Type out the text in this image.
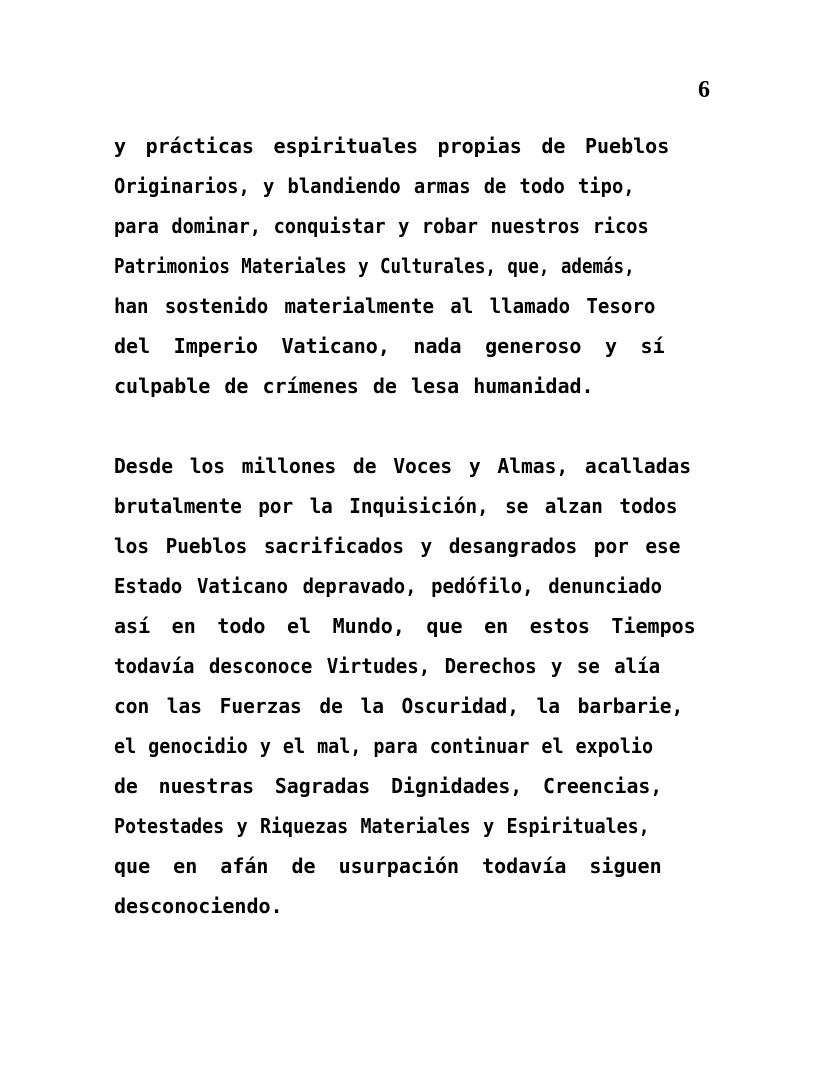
6

y prácticas espirituales propias de Pueblos
Originarios, y blandiendo armas de todo tipo,
para dominar, conquistar y robar nuestros ricos
Patrimonios Materiales y Culturales, que, además,
han sostenido materialmente al llamado Tesoro
del Imperio Vaticano, nada generoso y sí
culpable de crímenes de lesa humanidad.

Desde los millones de Voces y Almas, acalladas
brutalmente por la Inquisición, se alzan todos
los Pueblos sacrificados y desangrados por ese
Estado Vaticano depravado, pedófilo, denunciado
así en todo el Mundo, que en estos Tiempos
todavía desconoce Virtudes, Derechos y se alía
con las Fuerzas de la Oscuridad, la barbarie,
el genocidio y el mal, para continuar el expolio
de nuestras Sagradas Dignidades, Creencias,
Potestades y Riquezas Materiales y Espirituales,
que en afán de usurpación todavía siguen
desconociendo.
